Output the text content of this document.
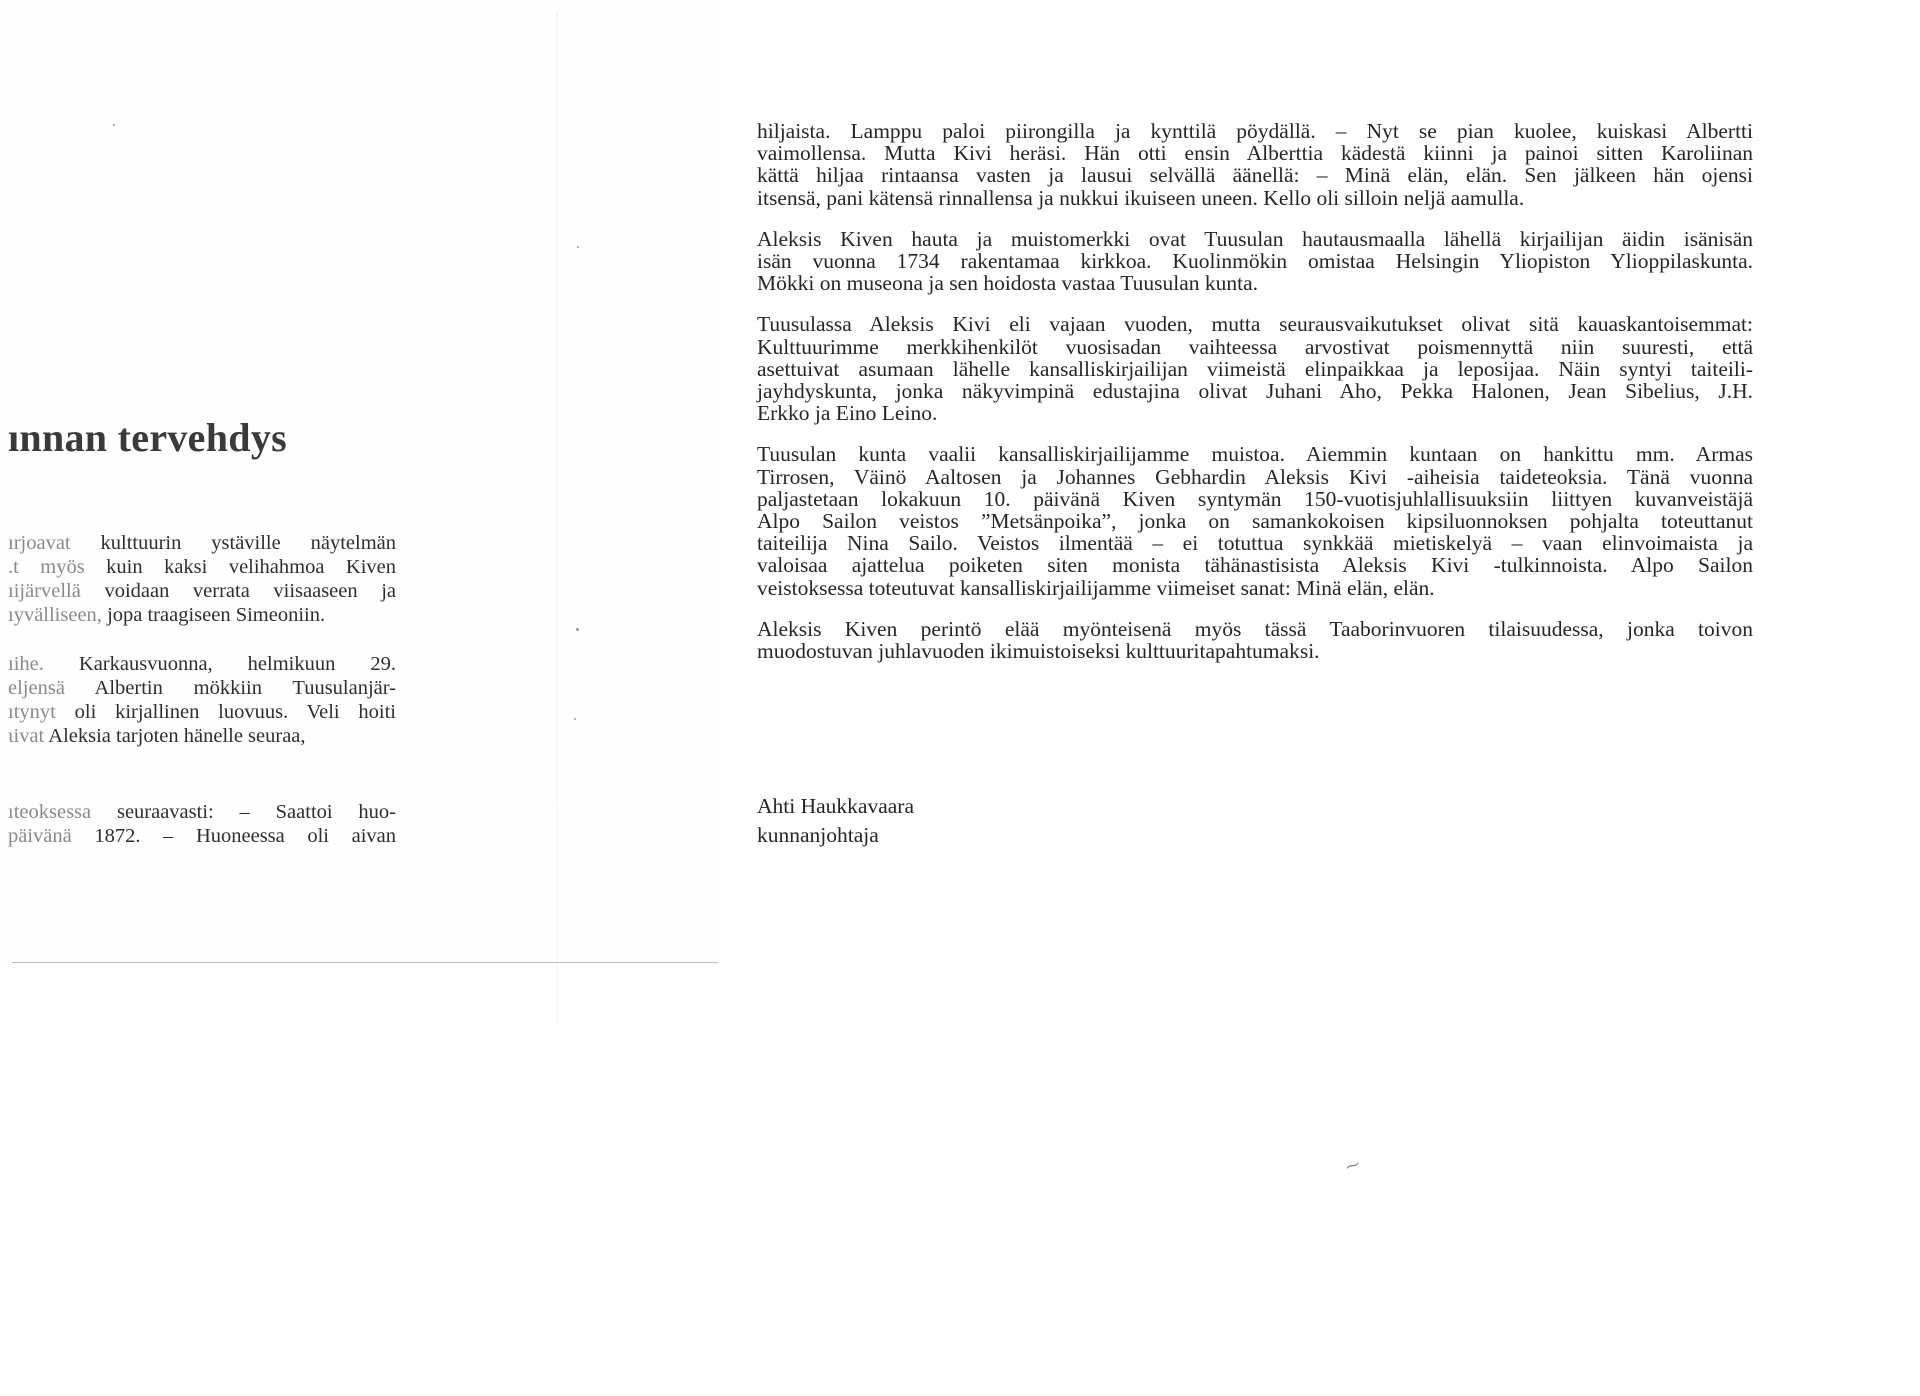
ınnan tervehdys
ırjoavat kulttuurin ystäville näytelmän
.t myös kuin kaksi velihahmoa Kiven
ıijärvellä voidaan verrata viisaaseen ja
ıyvälliseen, jopa traagiseen Simeoniin.
ıihe. Karkausvuonna, helmikuun 29.
eljensä Albertin mökkiin Tuusulanjär-
ıtynyt oli kirjallinen luovuus. Veli hoiti
ɩivat Aleksia tarjoten hänelle seuraa,
ıteoksessa seuraavasti: – Saattoi huo-
päivänä 1872. – Huoneessa oli aivan

hiljaista. Lamppu paloi piirongilla ja kynttilä pöydällä. – Nyt se pian kuolee, kuiskasi Albertti
vaimollensa. Mutta Kivi heräsi. Hän otti ensin Alberttia kädestä kiinni ja painoi sitten Karoliinan
kättä hiljaa rintaansa vasten ja lausui selvällä äänellä: – Minä elän, elän. Sen jälkeen hän ojensi
itsensä, pani kätensä rinnallensa ja nukkui ikuiseen uneen. Kello oli silloin neljä aamulla.

Aleksis Kiven hauta ja muistomerkki ovat Tuusulan hautausmaalla lähellä kirjailijan äidin isänisän
isän vuonna 1734 rakentamaa kirkkoa. Kuolinmökin omistaa Helsingin Yliopiston Ylioppilaskunta.
Mökki on museona ja sen hoidosta vastaa Tuusulan kunta.

Tuusulassa Aleksis Kivi eli vajaan vuoden, mutta seurausvaikutukset olivat sitä kauaskantoisemmat:
Kulttuurimme merkkihenkilöt vuosisadan vaihteessa arvostivat poismennyttä niin suuresti, että
asettuivat asumaan lähelle kansalliskirjailijan viimeistä elinpaikkaa ja leposijaa. Näin syntyi taiteili-
jayhdyskunta, jonka näkyvimpinä edustajina olivat Juhani Aho, Pekka Halonen, Jean Sibelius, J.H.
Erkko ja Eino Leino.

Tuusulan kunta vaalii kansalliskirjailijamme muistoa. Aiemmin kuntaan on hankittu mm. Armas
Tirrosen, Väinö Aaltosen ja Johannes Gebhardin Aleksis Kivi -aiheisia taideteoksia. Tänä vuonna
paljastetaan lokakuun 10. päivänä Kiven syntymän 150-vuotisjuhlallisuuksiin liittyen kuvanveistäjä
Alpo Sailon veistos ”Metsänpoika”, jonka on samankokoisen kipsiluonnoksen pohjalta toteuttanut
taiteilija Nina Sailo. Veistos ilmentää – ei totuttua synkkää mietiskelyä – vaan elinvoimaista ja
valoisaa ajattelua poiketen siten monista tähänastisista Aleksis Kivi -tulkinnoista. Alpo Sailon
veistoksessa toteutuvat kansalliskirjailijamme viimeiset sanat: Minä elän, elän.

Aleksis Kiven perintö elää myönteisenä myös tässä Taaborinvuoren tilaisuudessa, jonka toivon
muodostuvan juhlavuoden ikimuistoiseksi kulttuuritapahtumaksi.

Ahti Haukkavaara
kunnanjohtaja
⁓
